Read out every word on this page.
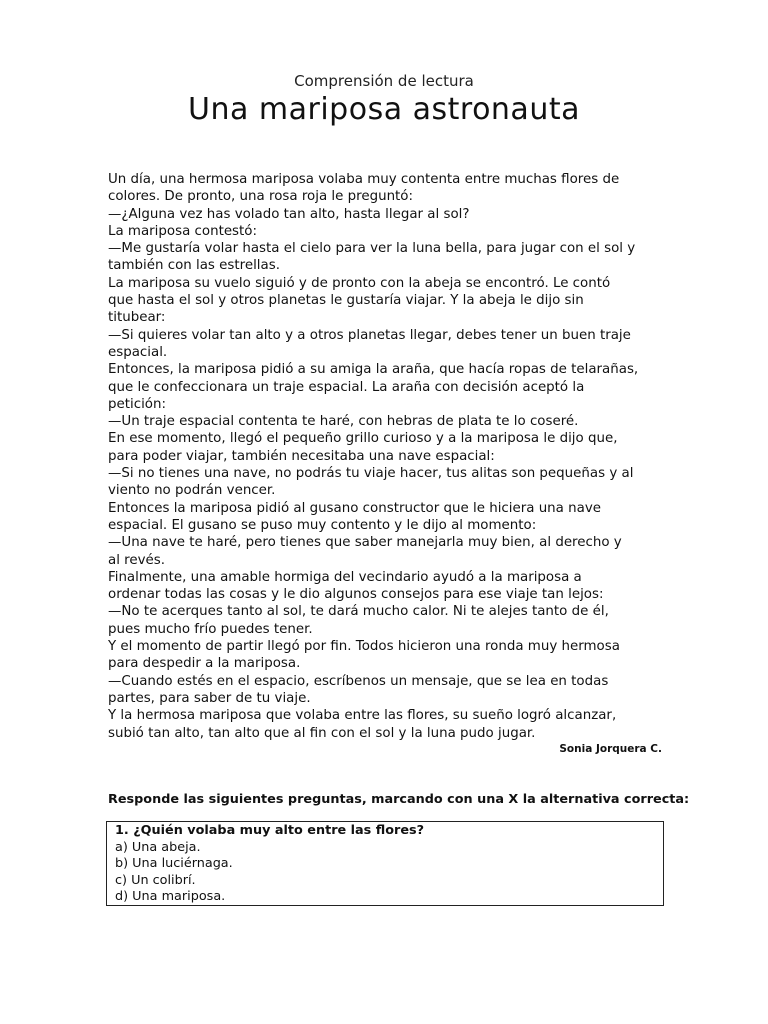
Comprensión de lectura
Una mariposa astronauta

Un día, una hermosa mariposa volaba muy contenta entre muchas flores de

colores. De pronto, una rosa roja le preguntó:

—¿Alguna vez has volado tan alto, hasta llegar al sol?

La mariposa contestó:

—Me gustaría volar hasta el cielo para ver la luna bella, para jugar con el sol y

también con las estrellas.

La mariposa su vuelo siguió y de pronto con la abeja se encontró. Le contó

que hasta el sol y otros planetas le gustaría viajar. Y la abeja le dijo sin

titubear:

—Si quieres volar tan alto y a otros planetas llegar, debes tener un buen traje

espacial.

Entonces, la mariposa pidió a su amiga la araña, que hacía ropas de telarañas,

que le confeccionara un traje espacial. La araña con decisión aceptó la

petición:

—Un traje espacial contenta te haré, con hebras de plata te lo coseré.

En ese momento, llegó el pequeño grillo curioso y a la mariposa le dijo que,

para poder viajar, también necesitaba una nave espacial:

—Si no tienes una nave, no podrás tu viaje hacer, tus alitas son pequeñas y al

viento no podrán vencer.

Entonces la mariposa pidió al gusano constructor que le hiciera una nave

espacial. El gusano se puso muy contento y le dijo al momento:

—Una nave te haré, pero tienes que saber manejarla muy bien, al derecho y

al revés.

Finalmente, una amable hormiga del vecindario ayudó a la mariposa a

ordenar todas las cosas y le dio algunos consejos para ese viaje tan lejos:

—No te acerques tanto al sol, te dará mucho calor. Ni te alejes tanto de él,

pues mucho frío puedes tener.

Y el momento de partir llegó por fin. Todos hicieron una ronda muy hermosa

para despedir a la mariposa.

—Cuando estés en el espacio, escríbenos un mensaje, que se lea en todas

partes, para saber de tu viaje.

Y la hermosa mariposa que volaba entre las flores, su sueño logró alcanzar,

subió tan alto, tan alto que al fin con el sol y la luna pudo jugar.

Sonia Jorquera C.
Responde las siguientes preguntas, marcando con una X la alternativa correcta:
1. ¿Quién volaba muy alto entre las flores?
a) Una abeja.
b) Una luciérnaga.
c) Un colibrí.
d) Una mariposa.
